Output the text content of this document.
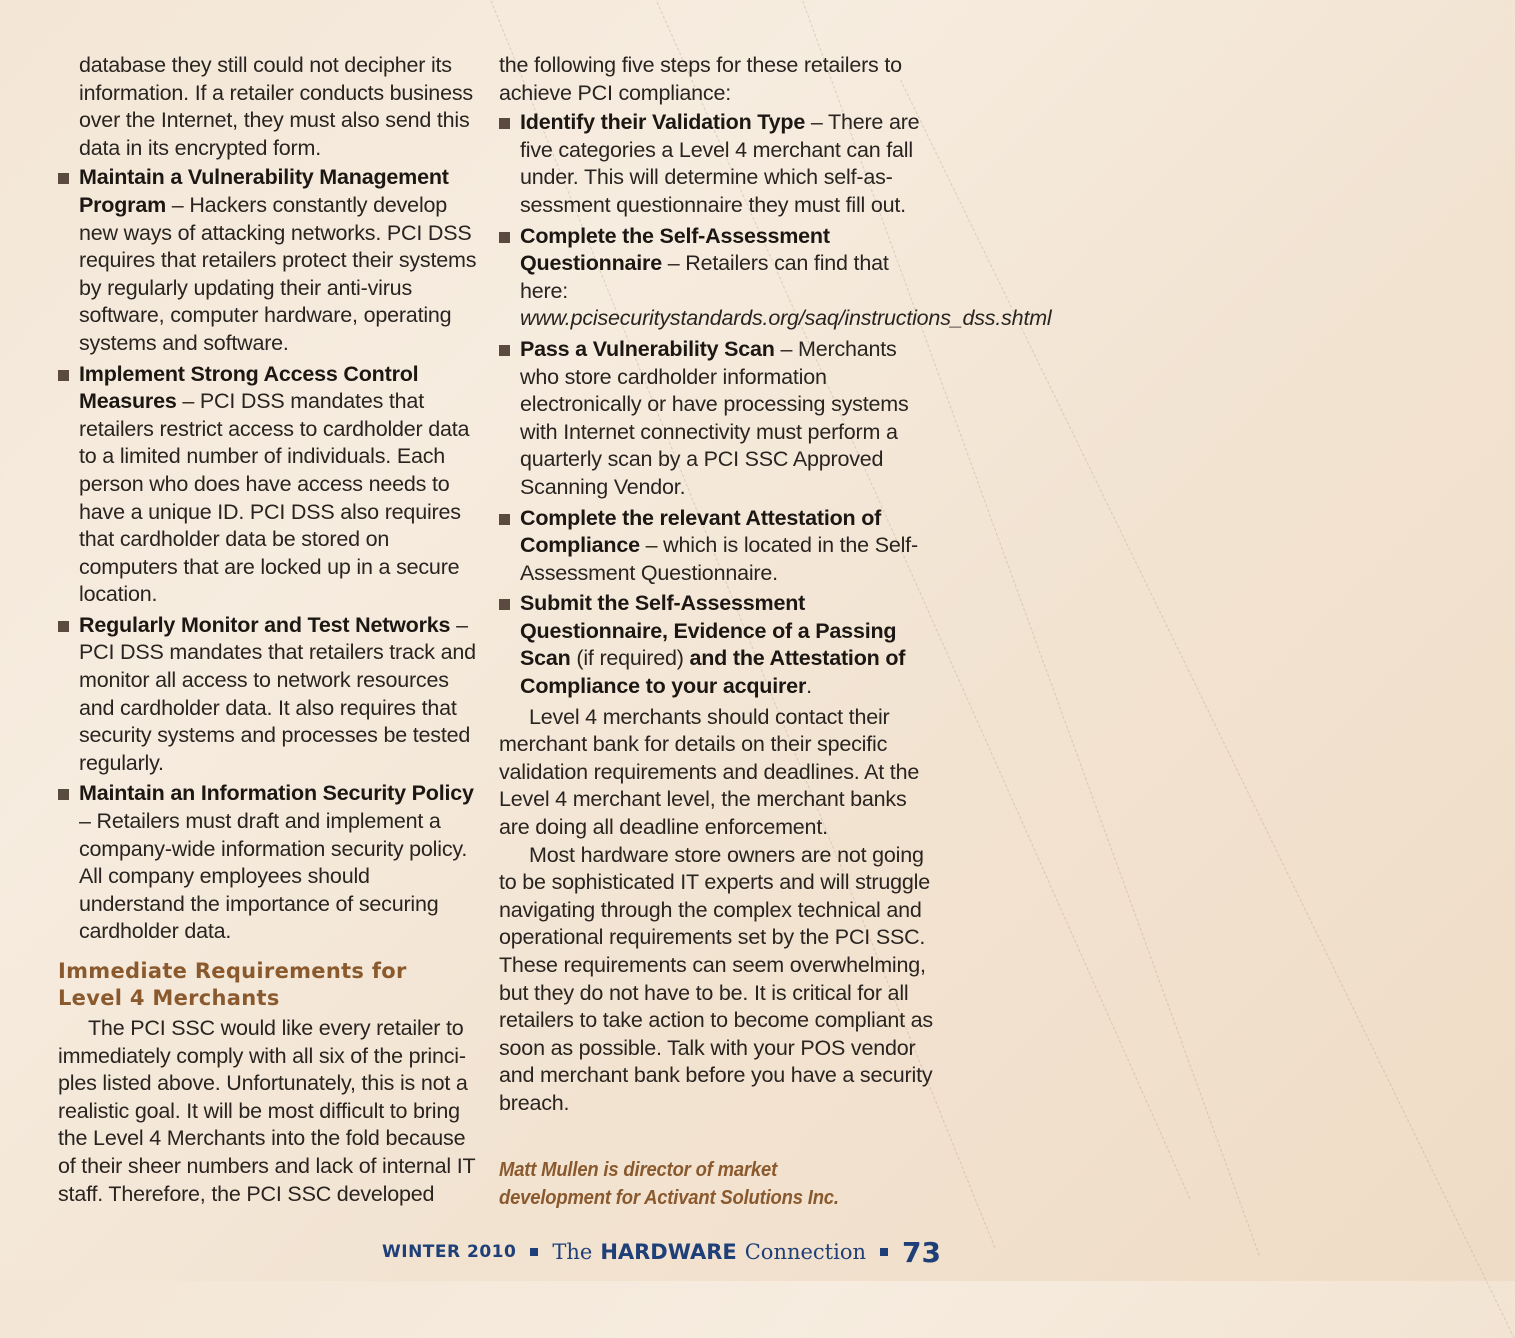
database they still could not decipher its information. If a retailer conducts business over the Internet, they must also send this data in its encrypted form.

Maintain a Vulnerability Management Program – Hackers constantly develop new ways of attacking networks. PCI DSS requires that retailers protect their systems by regularly updating their anti-virus software, computer hardware, operating systems and software.
Implement Strong Access Control Measures – PCI DSS mandates that retailers restrict access to cardholder data to a limited number of individuals. Each person who does have access needs to have a unique ID. PCI DSS also requires that cardholder data be stored on computers that are locked up in a secure location.
Regularly Monitor and Test Networks – PCI DSS mandates that retailers track and monitor all access to network resources and cardholder data. It also requires that security systems and processes be tested regularly.
Maintain an Information Security Policy – Retailers must draft and implement a company-wide information security policy. All company employees should understand the importance of securing cardholder data.
Immediate Requirements for Level 4 Merchants

The PCI SSC would like every retailer to immediately comply with all six of the principles listed above. Unfortunately, this is not a realistic goal. It will be most difficult to bring the Level 4 Merchants into the fold because of their sheer numbers and lack of internal IT staff. Therefore, the PCI SSC developed

the following five steps for these retailers to achieve PCI compliance:

Identify their Validation Type – There are five categories a Level 4 merchant can fall under. This will determine which self-assessment questionnaire they must fill out.
Complete the Self-Assessment Questionnaire – Retailers can find that here: www.pcisecuritystandards.org/saq/instructions_dss.shtml
Pass a Vulnerability Scan – Merchants who store cardholder information electronically or have processing systems with Internet connectivity must perform a quarterly scan by a PCI SSC Approved Scanning Vendor.
Complete the relevant Attestation of Compliance – which is located in the Self-Assessment Questionnaire.
Submit the Self-Assessment Questionnaire, Evidence of a Passing Scan (if required) and the Attestation of Compliance to your acquirer.

Level 4 merchants should contact their merchant bank for details on their specific validation requirements and deadlines. At the Level 4 merchant level, the merchant banks are doing all deadline enforcement.

Most hardware store owners are not going to be sophisticated IT experts and will struggle navigating through the complex technical and operational requirements set by the PCI SSC. These requirements can seem overwhelming, but they do not have to be. It is critical for all retailers to take action to become compliant as soon as possible. Talk with your POS vendor and merchant bank before you have a security breach.

Matt Mullen is director of market development for Activant Solutions Inc.
WINTER 2010 The HARDWARE Connection 73
